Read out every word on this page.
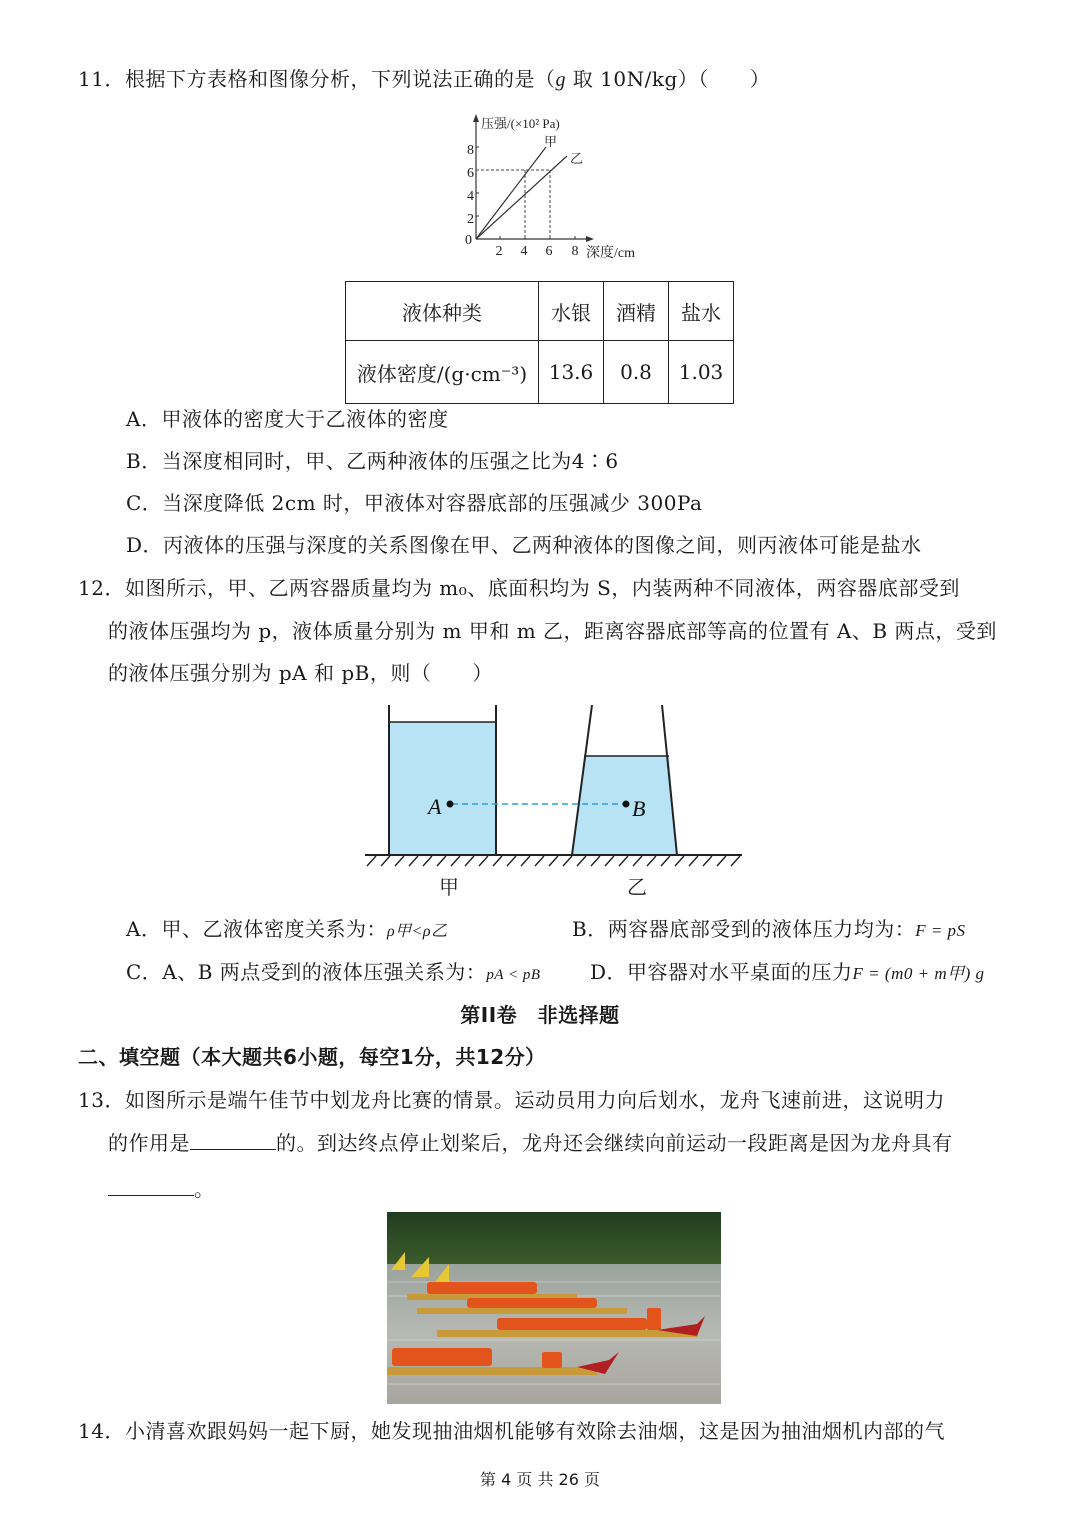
11．根据下方表格和图像分析，下列说法正确的是（g 取 10N/kg）（　　）
0
2
4
6
8
2 4 6 8 深度/cm
压强/(×10² Pa)
甲
乙
液体种类	水银	酒精	盐水
液体密度/(g·cm⁻³)	13.6	0.8	1.03
A．甲液体的密度大于乙液体的密度
B．当深度相同时，甲、乙两种液体的压强之比为4∶6
C．当深度降低 2cm 时，甲液体对容器底部的压强减少 300Pa
D．丙液体的压强与深度的关系图像在甲、乙两种液体的图像之间，则丙液体可能是盐水
12．如图所示，甲、乙两容器质量均为 m₀、底面积均为 S，内装两种不同液体，两容器底部受到
的液体压强均为 p，液体质量分别为 m 甲和 m 乙，距离容器底部等高的位置有 A、B 两点，受到
的液体压强分别为 pA 和 pB，则（　　）
A	B
甲	乙
A．甲、乙液体密度关系为：ρ甲<ρ乙	B．两容器底部受到的液体压力均为：F = pS
C．A、B 两点受到的液体压强关系为：pA < pB D．甲容器对水平桌面的压力F = (m0 + m甲) g
第II卷　非选择题
二、填空题（本大题共6小题，每空1分，共12分）
13．如图所示是端午佳节中划龙舟比赛的情景。运动员用力向后划水，龙舟飞速前进，这说明力
的作用是	的。到达终点停止划桨后，龙舟还会继续向前运动一段距离是因为龙舟具有
。
14．小清喜欢跟妈妈一起下厨，她发现抽油烟机能够有效除去油烟，这是因为抽油烟机内部的气
第 4 页 共 26 页
